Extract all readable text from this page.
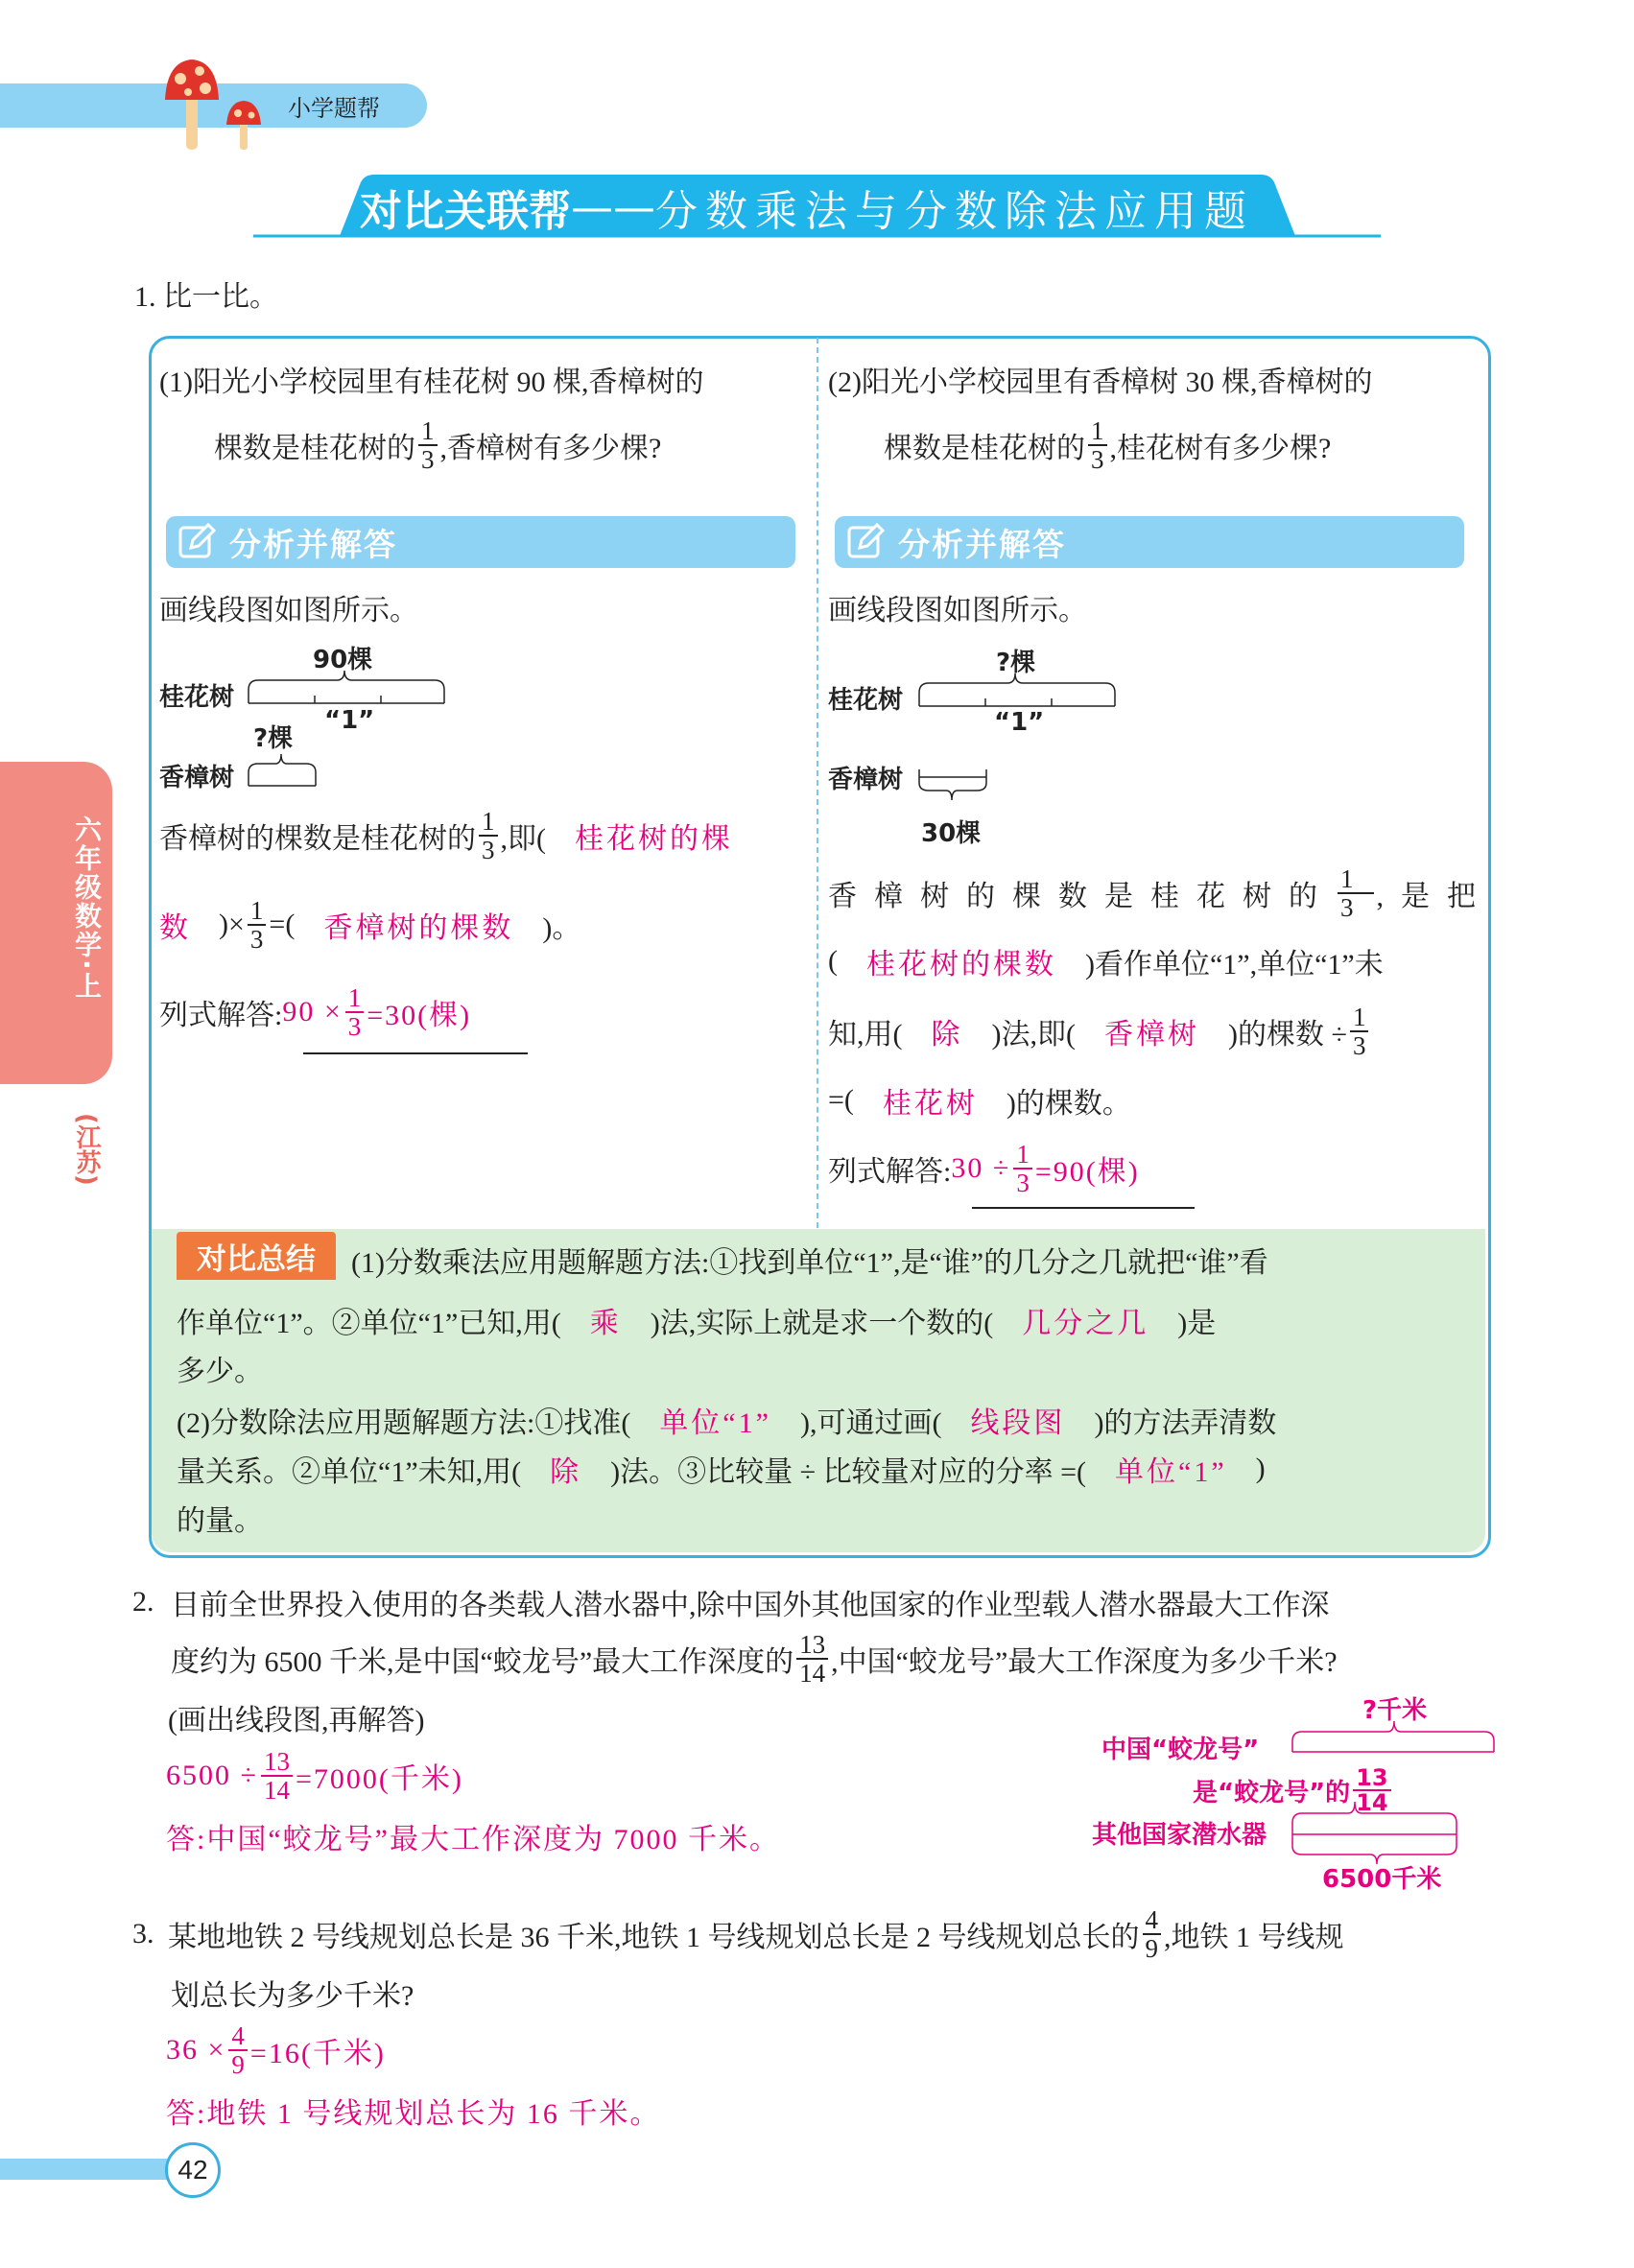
小学题帮
对比关联帮 —— 分数乘法与分数除法应用题
六年级数学·上
(江苏)
1. 比一比。
(1)阳光小学校园里有桂花树 90 棵,香樟树的
棵数是桂花树的 $\frac{1}{3}$ ,香樟树有多少棵?
分析并解答
画线段图如图所示。
桂花树
90棵
“1”
?棵
香樟树
香樟树的棵数是桂花树的 $\frac{1}{3}$ ,即(	桂花树的棵
数 )× $\frac{1}{3}$ =(	香樟树的棵数	)。
列式解答: $90 \times \frac{1}{3} =30$(棵)
(2)阳光小学校园里有香樟树 30 棵,香樟树的
棵数是桂花树的 $\frac{1}{3}$ ,桂花树有多少棵?
分析并解答
画线段图如图所示。
桂花树
?棵
“1”
香樟树
30棵
香樟树的棵数是桂花树的 $\frac{1}{3}$ ,是把
(	桂花树的棵数	)看作单位“1”,单位“1”未
知,用(	除	)法,即(	香樟树	)的棵数 ÷ $\frac{1}{3}$
=(	桂花树	)的棵数。
列式解答: $30 \div \frac{1}{3} =90$(棵)
对比总结	(1)分数乘法应用题解题方法:①找到单位“1”,是“谁”的几分之几就把“谁”看
作单位“1”。②单位“1”已知,用(	乘	)法,实际上就是求一个数的(	几分之几	)是
多少。
(2)分数除法应用题解题方法:①找准(	单位“1”	),可通过画(	线段图	)的方法弄清数
量关系。②单位“1”未知,用(	除	)法。③比较量 ÷ 比较量对应的分率 =(	单位“1”	)
的量。
2. 目前全世界投入使用的各类载人潜水器中,除中国外其他国家的作业型载人潜水器最大工作深
度约为 6500 千米,是中国“蛟龙号”最大工作深度的 $\frac{13}{14}$ ,中国“蛟龙号”最大工作深度为多少千米?
(画出线段图,再解答)
$6500 \div \frac{13}{14} =7000$(千米)
答:中国“蛟龙号”最大工作深度为 7000 千米。
?千米
中国“蛟龙号”
是“蛟龙号”的 $\frac{13}{14}$
其他国家潜水器
6500千米
3. 某地地铁 2 号线规划总长是 36 千米,地铁 1 号线规划总长是 2 号线规划总长的 $\frac{4}{9}$ ,地铁 1 号线规
划总长为多少千米?
$36 \times \frac{4}{9} =16$(千米)
答:地铁 1 号线规划总长为 16 千米。
42
